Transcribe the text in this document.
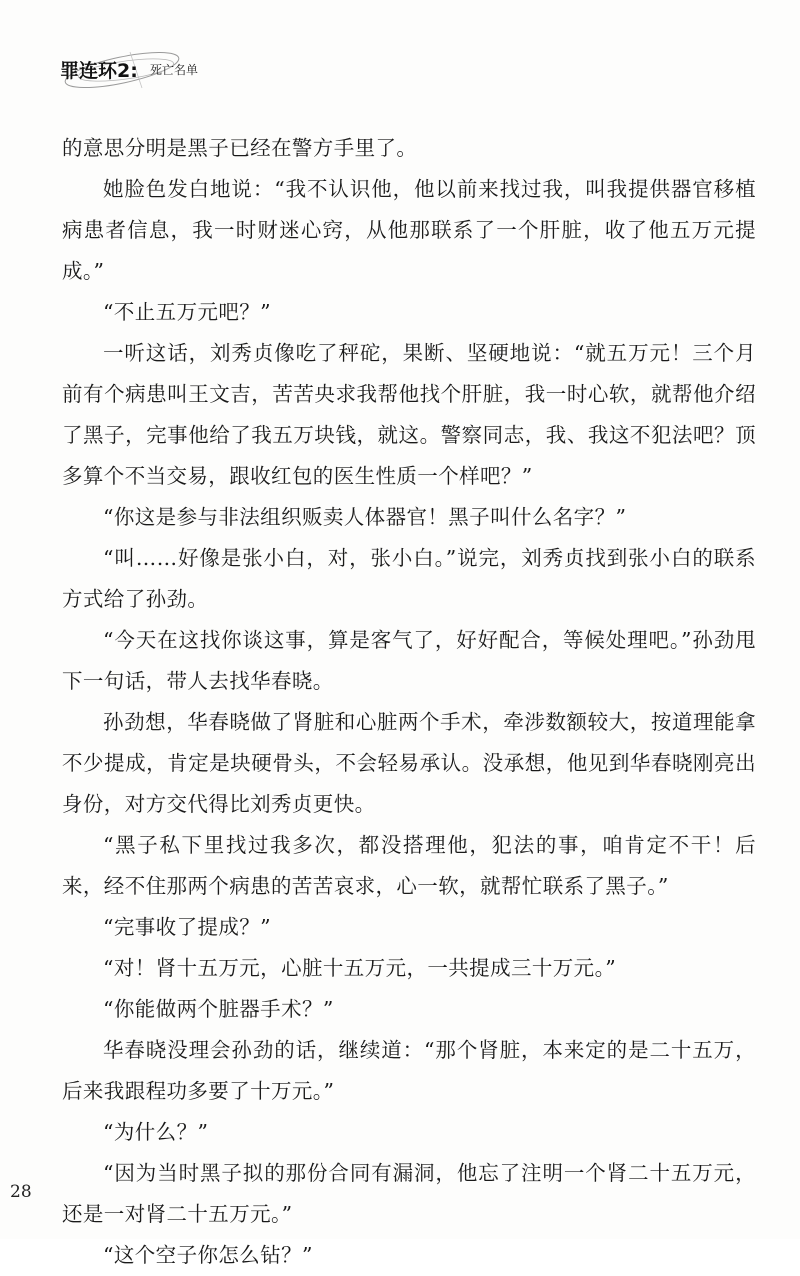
罪连环2: 死亡名单

的意思分明是黑子已经在警方手里了。

她脸色发白地说：“我不认识他，他以前来找过我，叫我提供器官移植病患者信息，我一时财迷心窍，从他那联系了一个肝脏，收了他五万元提成。”

“不止五万元吧？”

一听这话，刘秀贞像吃了秤砣，果断、坚硬地说：“就五万元！三个月前有个病患叫王文吉，苦苦央求我帮他找个肝脏，我一时心软，就帮他介绍了黑子，完事他给了我五万块钱，就这。警察同志，我、我这不犯法吧？顶多算个不当交易，跟收红包的医生性质一个样吧？”

“你这是参与非法组织贩卖人体器官！黑子叫什么名字？”

“叫……好像是张小白，对，张小白。”说完，刘秀贞找到张小白的联系方式给了孙劲。

“今天在这找你谈这事，算是客气了，好好配合，等候处理吧。”孙劲甩下一句话，带人去找华春晓。

孙劲想，华春晓做了肾脏和心脏两个手术，牵涉数额较大，按道理能拿不少提成，肯定是块硬骨头，不会轻易承认。没承想，他见到华春晓刚亮出身份，对方交代得比刘秀贞更快。

“黑子私下里找过我多次，都没搭理他，犯法的事，咱肯定不干！后来，经不住那两个病患的苦苦哀求，心一软，就帮忙联系了黑子。”

“完事收了提成？”

“对！肾十五万元，心脏十五万元，一共提成三十万元。”

“你能做两个脏器手术？”

华春晓没理会孙劲的话，继续道：“那个肾脏，本来定的是二十五万，后来我跟程功多要了十万元。”

“为什么？”

“因为当时黑子拟的那份合同有漏洞，他忘了注明一个肾二十五万元，还是一对肾二十五万元。”

“这个空子你怎么钻？”

28
